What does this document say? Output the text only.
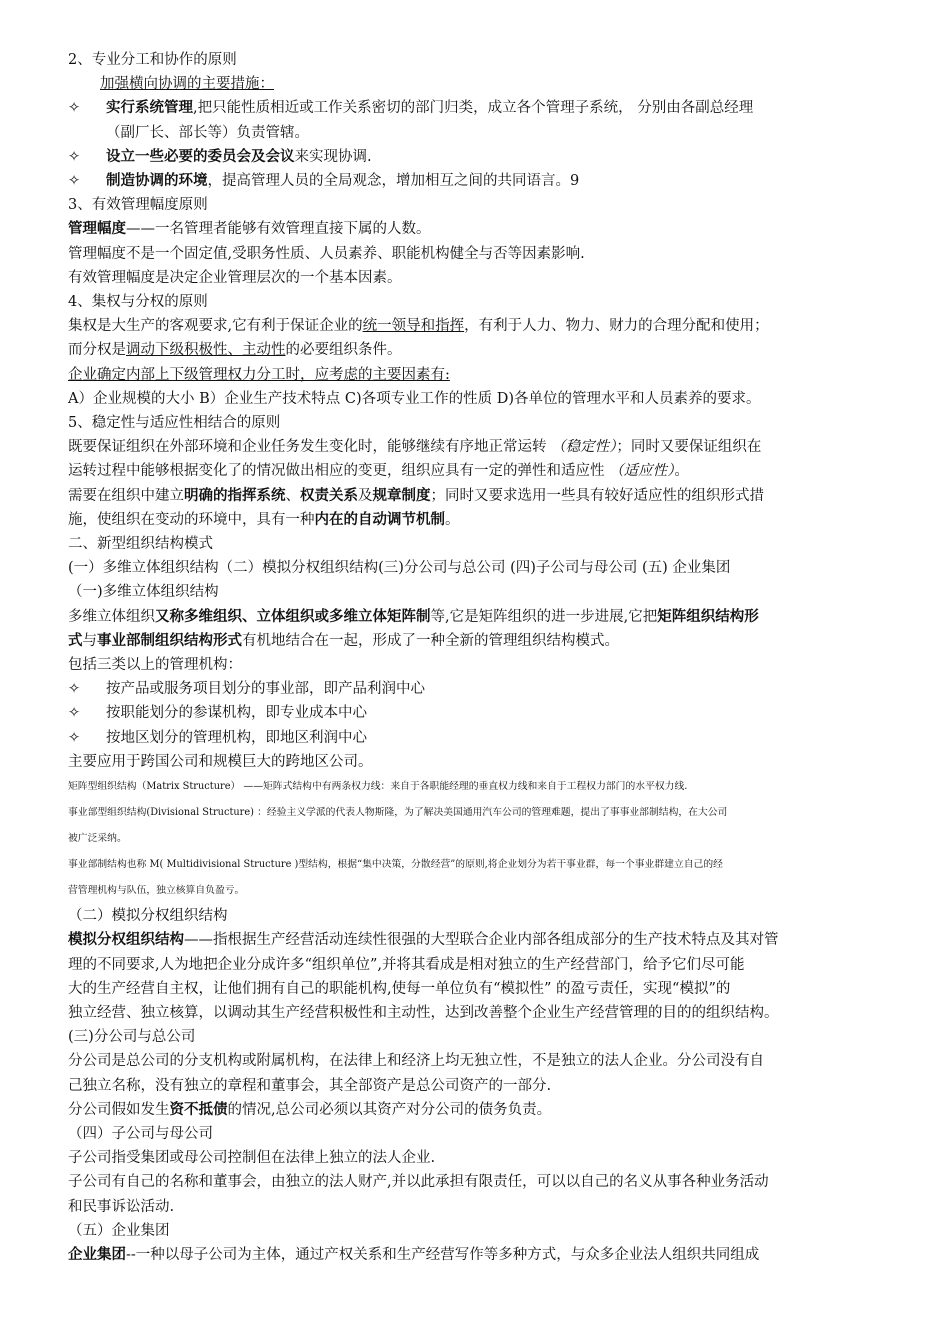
2、专业分工和协作的原则
加强横向协调的主要措施：
✧ 实行系统管理,把只能性质相近或工作关系密切的部门归类，成立各个管理子系统， 分别由各副总经理
（副厂长、部长等）负责管辖。
✧ 设立一些必要的委员会及会议来实现协调.
✧ 制造协调的环境，提高管理人员的全局观念，增加相互之间的共同语言。9
3、有效管理幅度原则
管理幅度——一名管理者能够有效管理直接下属的人数。
管理幅度不是一个固定值,受职务性质、人员素养、职能机构健全与否等因素影响.
有效管理幅度是决定企业管理层次的一个基本因素。
4、集权与分权的原则
集权是大生产的客观要求,它有利于保证企业的统一领导和指挥，有利于人力、物力、财力的合理分配和使用；
而分权是调动下级积极性、主动性的必要组织条件。
企业确定内部上下级管理权力分工时，应考虑的主要因素有:
A）企业规模的大小 B）企业生产技术特点 C)各项专业工作的性质 D)各单位的管理水平和人员素养的要求。
5、稳定性与适应性相结合的原则
既要保证组织在外部环境和企业任务发生变化时，能够继续有序地正常运转 （稳定性）；同时又要保证组织在
运转过程中能够根据变化了的情况做出相应的变更，组织应具有一定的弹性和适应性 （适应性）。
需要在组织中建立明确的指挥系统、权责关系及规章制度；同时又要求选用一些具有较好适应性的组织形式措
施，使组织在变动的环境中，具有一种内在的自动调节机制。
二、新型组织结构模式
(一）多维立体组织结构（二）模拟分权组织结构(三)分公司与总公司 (四)子公司与母公司 (五) 企业集团
（一)多维立体组织结构
多维立体组织又称多维组织、立体组织或多维立体矩阵制等,它是矩阵组织的进一步进展,它把矩阵组织结构形
式与事业部制组织结构形式有机地结合在一起，形成了一种全新的管理组织结构模式。
包括三类以上的管理机构：
✧ 按产品或服务项目划分的事业部，即产品利润中心
✧ 按职能划分的参谋机构，即专业成本中心
✧ 按地区划分的管理机构，即地区利润中心
主要应用于跨国公司和规模巨大的跨地区公司。
矩阵型组织结构（Matrix Structure） ——矩阵式结构中有两条权力线：来自于各职能经理的垂直权力线和来自于工程权力部门的水平权力线.
事业部型组织结构(Divisional Structure) ：经验主义学派的代表人物斯隆，为了解决美国通用汽车公司的管理难题，提出了事事业部制结构，在大公司
被广泛采纳。
事业部制结构也称 M( Multidivisional Structure )型结构，根据“集中决策，分散经营”的原则,将企业划分为若干事业群，每一个事业群建立自己的经
营管理机构与队伍，独立核算自负盈亏。
（二）模拟分权组织结构
模拟分权组织结构——指根据生产经营活动连续性很强的大型联合企业内部各组成部分的生产技术特点及其对管
理的不同要求,人为地把企业分成许多“组织单位”,并将其看成是相对独立的生产经营部门，给予它们尽可能
大的生产经营自主权，让他们拥有自己的职能机构,使每一单位负有“模拟性” 的盈亏责任，实现“模拟”的
独立经营、独立核算，以调动其生产经营积极性和主动性，达到改善整个企业生产经营管理的目的的组织结构。
(三)分公司与总公司
分公司是总公司的分支机构或附属机构，在法律上和经济上均无独立性，不是独立的法人企业。分公司没有自
己独立名称，没有独立的章程和董事会，其全部资产是总公司资产的一部分.
分公司假如发生资不抵债的情况,总公司必须以其资产对分公司的债务负责。
（四）子公司与母公司
子公司指受集团或母公司控制但在法律上独立的法人企业.
子公司有自己的名称和董事会，由独立的法人财产,并以此承担有限责任，可以以自己的名义从事各种业务活动
和民事诉讼活动.
（五）企业集团
企业集团--一种以母子公司为主体，通过产权关系和生产经营写作等多种方式，与众多企业法人组织共同组成
